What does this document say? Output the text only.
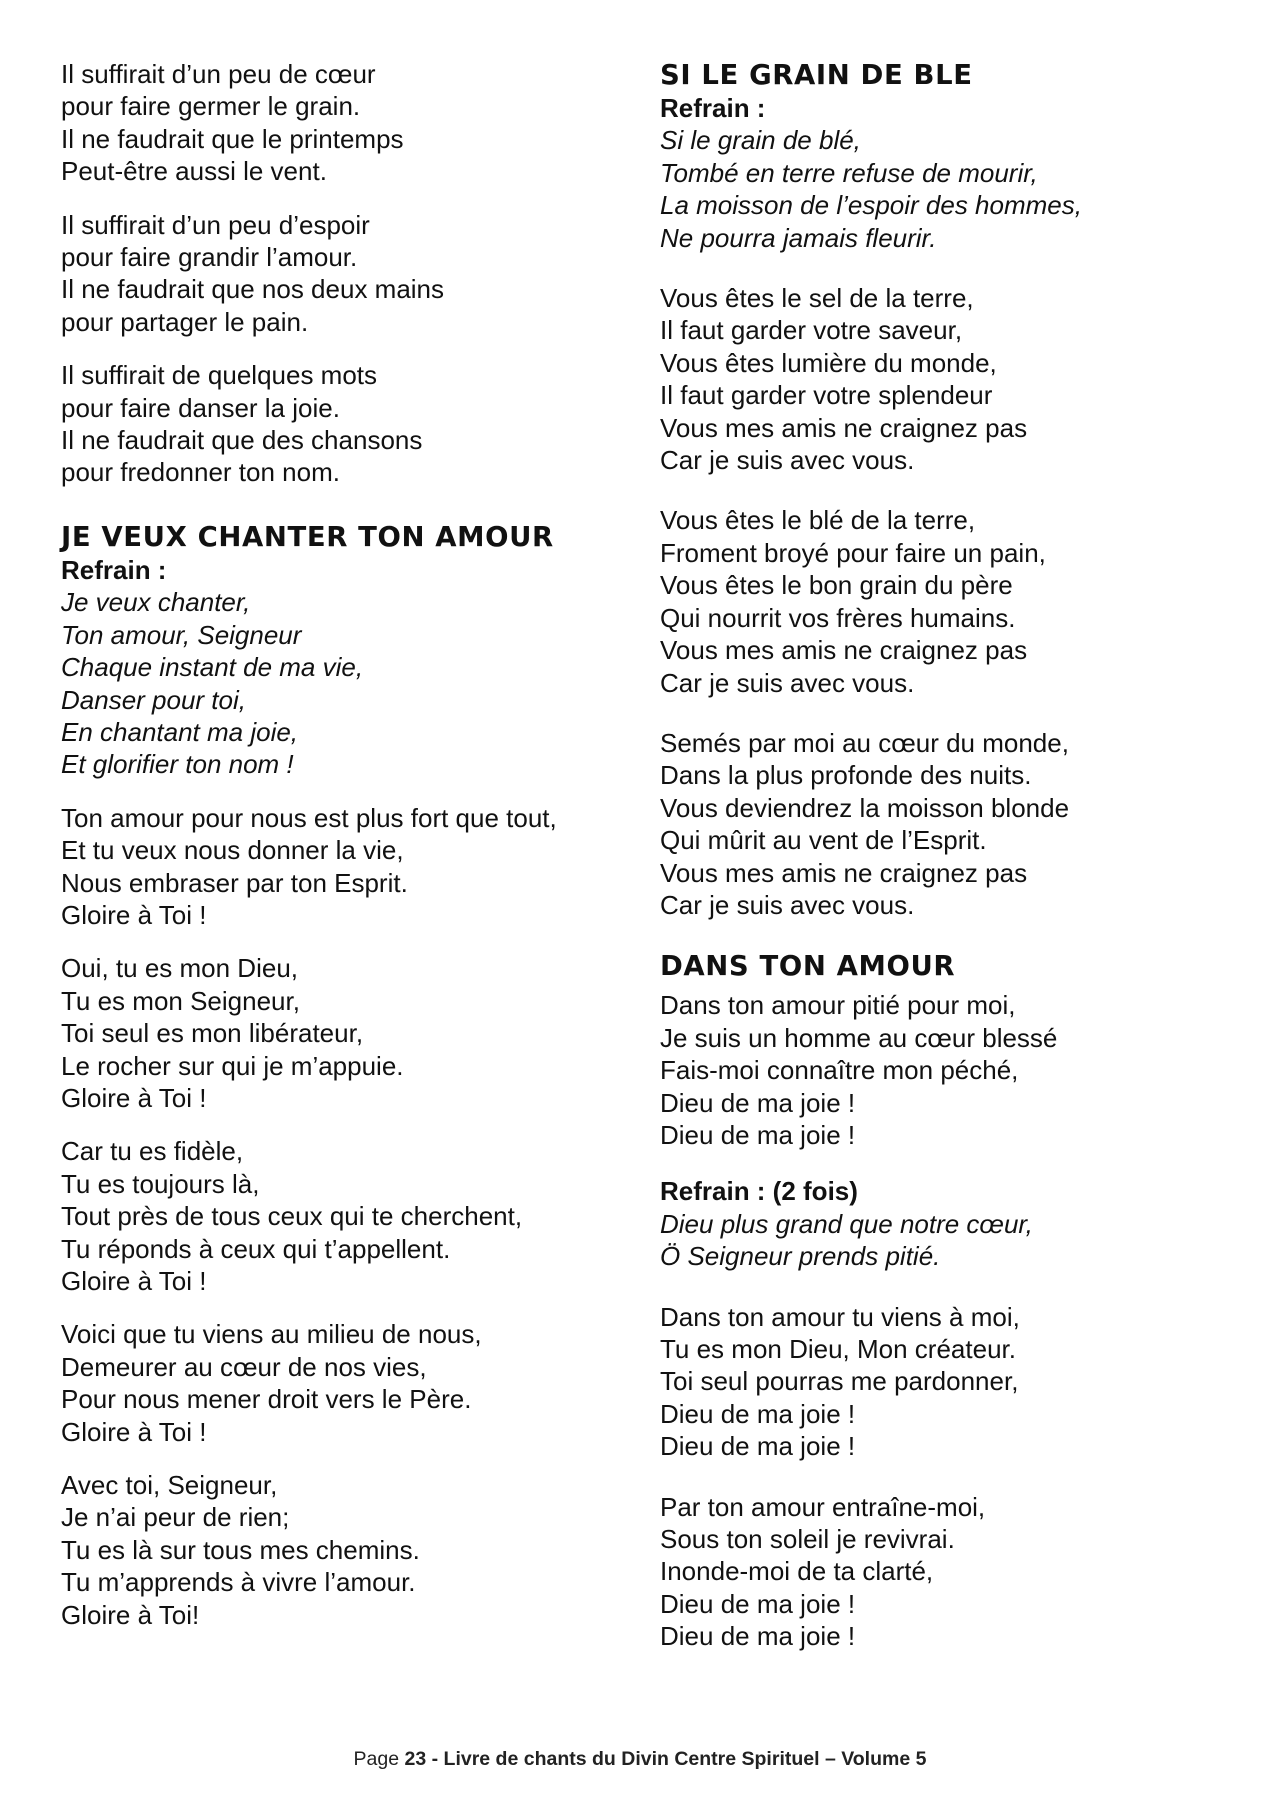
Il suffirait d’un peu de cœur
pour faire germer le grain.
Il ne faudrait que le printemps
Peut-être aussi le vent.
Il suffirait d’un peu d’espoir
pour faire grandir l’amour.
Il ne faudrait que nos deux mains
pour partager le pain.
Il suffirait de quelques mots
pour faire danser la joie.
Il ne faudrait que des chansons
pour fredonner ton nom.
JE VEUX CHANTER TON AMOUR
Refrain :
Je veux chanter,
Ton amour, Seigneur
Chaque instant de ma vie,
Danser pour toi,
En chantant ma joie,
Et glorifier ton nom !
Ton amour pour nous est plus fort que tout,
Et tu veux nous donner la vie,
Nous embraser par ton Esprit.
Gloire à Toi !
Oui, tu es mon Dieu,
Tu es mon Seigneur,
Toi seul es mon libérateur,
Le rocher sur qui je m’appuie.
Gloire à Toi !
Car tu es fidèle,
Tu es toujours là,
Tout près de tous ceux qui te cherchent,
Tu réponds à ceux qui t’appellent.
Gloire à Toi !
Voici que tu viens au milieu de nous,
Demeurer au cœur de nos vies,
Pour nous mener droit vers le Père.
Gloire à Toi !
Avec toi, Seigneur,
Je n’ai peur de rien;
Tu es là sur tous mes chemins.
Tu m’apprends à vivre l’amour.
Gloire à Toi!
SI LE GRAIN DE BLE
Refrain :
Si le grain de blé,
Tombé en terre refuse de mourir,
La moisson de l’espoir des hommes,
Ne pourra jamais fleurir.
Vous êtes le sel de la terre,
Il faut garder votre saveur,
Vous êtes lumière du monde,
Il faut garder votre splendeur
Vous mes amis ne craignez pas
Car je suis avec vous.
Vous êtes le blé de la terre,
Froment broyé pour faire un pain,
Vous êtes le bon grain du père
Qui nourrit vos frères humains.
Vous mes amis ne craignez pas
Car je suis avec vous.
Semés par moi au cœur du monde,
Dans la plus profonde des nuits.
Vous deviendrez la moisson blonde
Qui mûrit au vent de l’Esprit.
Vous mes amis ne craignez pas
Car je suis avec vous.
DANS TON AMOUR
Dans ton amour pitié pour moi,
Je suis un homme au cœur blessé
Fais-moi connaître mon péché,
Dieu de ma joie !
Dieu de ma joie !
Refrain : (2 fois)
Dieu plus grand que notre cœur,
Ö Seigneur prends pitié.
Dans ton amour tu viens à moi,
Tu es mon Dieu, Mon créateur.
Toi seul pourras me pardonner,
Dieu de ma joie !
Dieu de ma joie !
Par ton amour entraîne-moi,
Sous ton soleil je revivrai.
Inonde-moi de ta clarté,
Dieu de ma joie !
Dieu de ma joie !
Page 23 - Livre de chants du Divin Centre Spirituel – Volume 5
